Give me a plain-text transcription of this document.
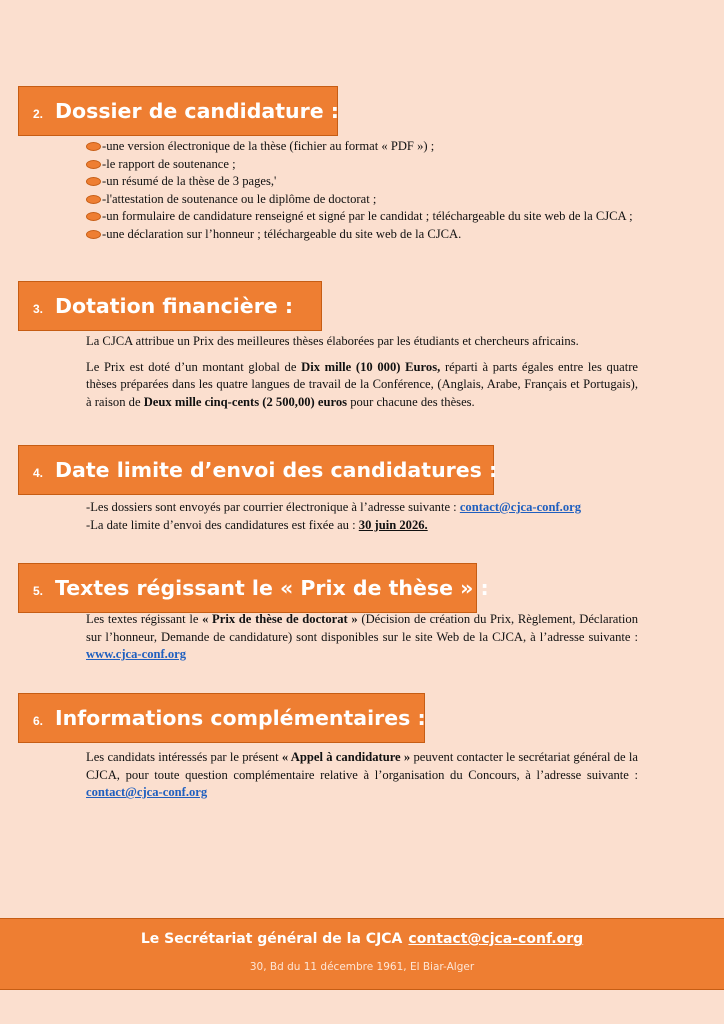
2. Dossier de candidature :
-une version électronique de la thèse (fichier au format « PDF ») ;
-le rapport de soutenance ;
-un résumé de la thèse de 3 pages,'
-l'attestation de soutenance ou le diplôme de doctorat ;
-un formulaire de candidature renseigné et signé par le candidat ; téléchargeable du site web de la CJCA ;
-une déclaration sur l’honneur ; téléchargeable du site web de la CJCA.
3. Dotation financière :

La CJCA attribue un Prix des meilleures thèses élaborées par les étudiants et chercheurs africains.

Le Prix est doté d’un montant global de Dix mille (10 000) Euros, réparti à parts égales entre les quatre thèses préparées dans les quatre langues de travail de la Conférence, (Anglais, Arabe, Français et Portugais), à raison de Deux mille cinq-cents (2 500,00) euros pour chacune des thèses.

4. Date limite d’envoi des candidatures :
-Les dossiers sont envoyés par courrier électronique à l’adresse suivante : contact@cjca-conf.org
-La date limite d’envoi des candidatures est fixée au : 30 juin 2026.
5. Textes régissant le « Prix de thèse » :

Les textes régissant le « Prix de thèse de doctorat » (Décision de création du Prix, Règlement, Déclaration sur l’honneur, Demande de candidature) sont disponibles sur le site Web de la CJCA, à l’adresse suivante : www.cjca-conf.org

6. Informations complémentaires :

Les candidats intéressés par le présent « Appel à candidature » peuvent contacter le secrétariat général de la CJCA, pour toute question complémentaire relative à l’organisation du Concours, à l’adresse suivante : contact@cjca-conf.org

Le Secrétariat général de la CJCA contact@cjca-conf.org
30, Bd du 11 décembre 1961, El Biar-Alger
